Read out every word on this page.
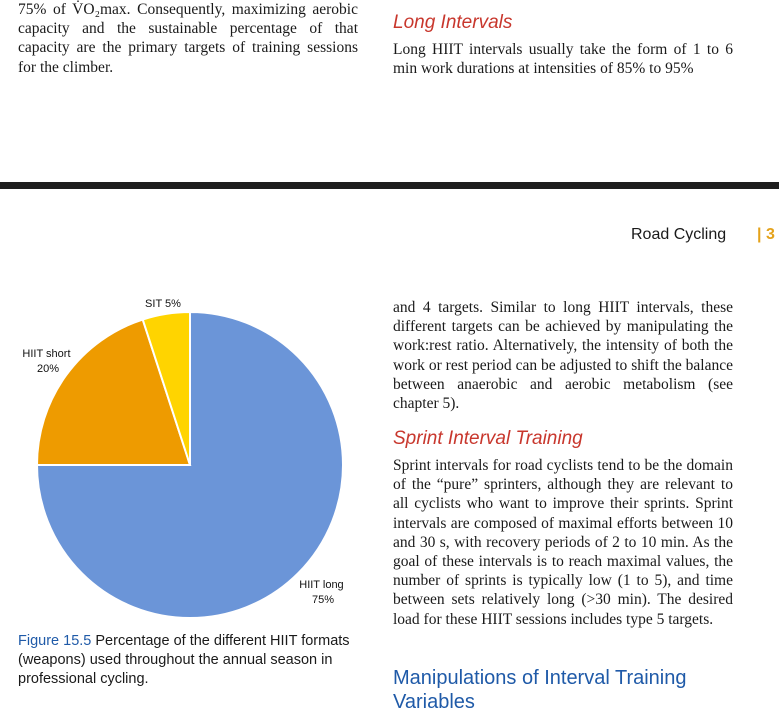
75% of V̇O₂max. Consequently, maximizing aerobic capacity and the sustainable percentage of that capacity are the primary targets of training sessions for the climber.
Long Intervals
Long HIIT intervals usually take the form of 1 to 6 min work durations at intensities of 85% to 95%
Road Cycling | 3
SIT 5%
HIIT short 20%
HIIT long 75%
Figure 15.5 Percentage of the different HIIT formats (weapons) used throughout the annual season in professional cycling.
and 4 targets. Similar to long HIIT intervals, these different targets can be achieved by manipulating the work:rest ratio. Alternatively, the intensity of both the work or rest period can be adjusted to shift the balance between anaerobic and aerobic metabolism (see chapter 5).
Sprint Interval Training
Sprint intervals for road cyclists tend to be the domain of the “pure” sprinters, although they are relevant to all cyclists who want to improve their sprints. Sprint intervals are composed of maximal efforts between 10 and 30 s, with recovery periods of 2 to 10 min. As the goal of these intervals is to reach maximal values, the number of sprints is typically low (1 to 5), and time between sets relatively long (>30 min). The desired load for these HIIT sessions includes type 5 targets.
Manipulations of Interval Training Variables
